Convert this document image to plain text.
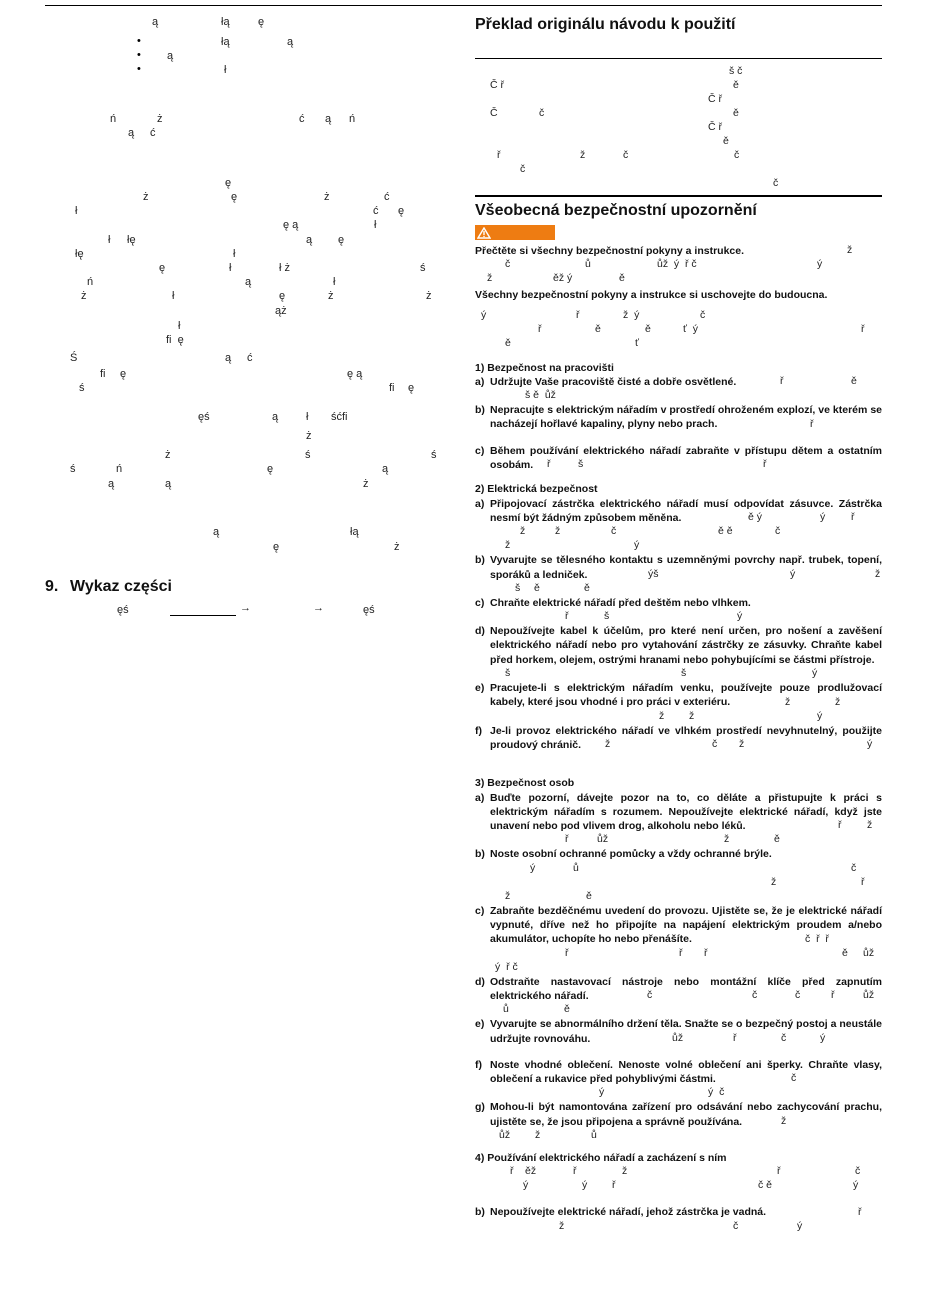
ą	łą	ę
łą	ą
ą
ł
ń	ż	ć ą ń
ą ć
ę
ż	ę	ż	ć
ł	ć ę
ę ą	ł
ł łę	ą ę
łę	ł
ę	ł	ł ż	ś
ń	ą	ł
ż	ł	ę	ż	ż
ąż
ł
fi  ę
Ś	ą ć
fi ę	ę ą
ś	fi ę
ęś	ą	ł śćfi
ż
ż	ś	ś
ś	ń	ę	ą
ą	ą	ż
ą	łą
ę	ż
ęś	→	→	ęś
•
•
•
9. Wykaz części
Překlad originálu návodu k použití
š č
Č ř	ě
Č ř
Č	č	ě
Č ř
ě
ř	ž	č	č
č
č
Všeobecná bezpečnostní upozornění

Přečtěte si všechny bezpečnostní pokyny a instrukce.	ž
č	ů	ůž  ý  ř č	ý
ž	ěž ý	ě

Všechny bezpečnostní pokyny a instrukce si uschovejte do budoucna.

ý	ř	ž  ý	č
ř	ě	ě	ť  ý	ř
ě	ť

1) Bezpečnost na pracovišti

a) Udržujte Vaše pracoviště čisté a dobře osvětlené.	ř	ě
š ě  ůž
b) Nepracujte s elektrickým nářadím v prostředí ohroženém explozí, ve kterém se nacházejí hořlavé kapaliny, plyny nebo prach.	ř
c) Během používání elektrického nářadí zabraňte v přístupu dětem a ostatním osobám.	ř	š	ř

2) Elektrická bezpečnost

a) Připojovací zástrčka elektrického nářadí musí odpovídat zásuvce. Zástrčka nesmí být žádným způsobem měněna.	ě ý	ý ř
ž	ž	č	ě ě	č
ž	ý
b) Vyvarujte se tělesného kontaktu s uzemněnými povrchy např. trubek, topení, sporáků a ledniček.	ýš	ý	ž
š ě	ě
c) Chraňte elektrické nářadí před deštěm nebo vlhkem.
ř	š	ý
d) Nepoužívejte kabel k účelům, pro které není určen, pro nošení a zavěšení elektrického nářadí nebo pro vytahování zástrčky ze zásuvky. Chraňte kabel před horkem, olejem, ostrými hranami nebo pohybujícími se částmi přístroje.
š	š	ý
e) Pracujete-li s elektrickým nářadím venku, používejte pouze prodlužovací kabely, které jsou vhodné i pro práci v exteriéru.	ž	ž
ž ž	ý
f) Je-li provoz elektrického nářadí ve vlhkém prostředí nevyhnutelný, použijte proudový chránič.	ž	č ž	ý

3) Bezpečnost osob

a) Buďte pozorní, dávejte pozor na to, co děláte a přistupujte k práci s elektrickým nářadím s rozumem. Nepoužívejte elektrické nářadí, když jste unavení nebo pod vlivem drog, alkoholu nebo léků.	ř ž
ř	ůž	ž	ě
b) Noste osobní ochranné pomůcky a vždy ochranné brýle.
ý	ů	č
ž	ř
ž	ě
c) Zabraňte bezděčnému uvedení do provozu. Ujistěte se, že je elektrické nářadí vypnuté, dříve než ho připojíte na napájení elektrickým proudem a/nebo akumulátor, uchopíte ho nebo přenášíte.	č  ř  ř
ř	ř ř	ě ůž
ý  ř č
d) Odstraňte nastavovací nástroje nebo montážní klíče před zapnutím elektrického nářadí.	č	č	č	ř	ůž
ů	ě
e) Vyvarujte se abnormálního držení těla. Snažte se o bezpečný postoj a neustále udržujte rovnováhu.	ůž	ř	č	ý
f) Noste vhodné oblečení. Nenoste volné oblečení ani šperky. Chraňte vlasy, oblečení a rukavice před pohyblivými částmi.	č
ý	ý  č
g) Mohou-li být namontována zařízení pro odsávání nebo zachycování prachu, ujistěte se, že jsou připojena a správně používána.	ž
ůž ž	ů

4) Používání elektrického nářadí a zacházení s ním

ř ěž	ř	ž	ř	č
ý	ý ř	č ě	ý
b) Nepoužívejte elektrické nářadí, jehož zástrčka je vadná.	ř
ž	č	ý
